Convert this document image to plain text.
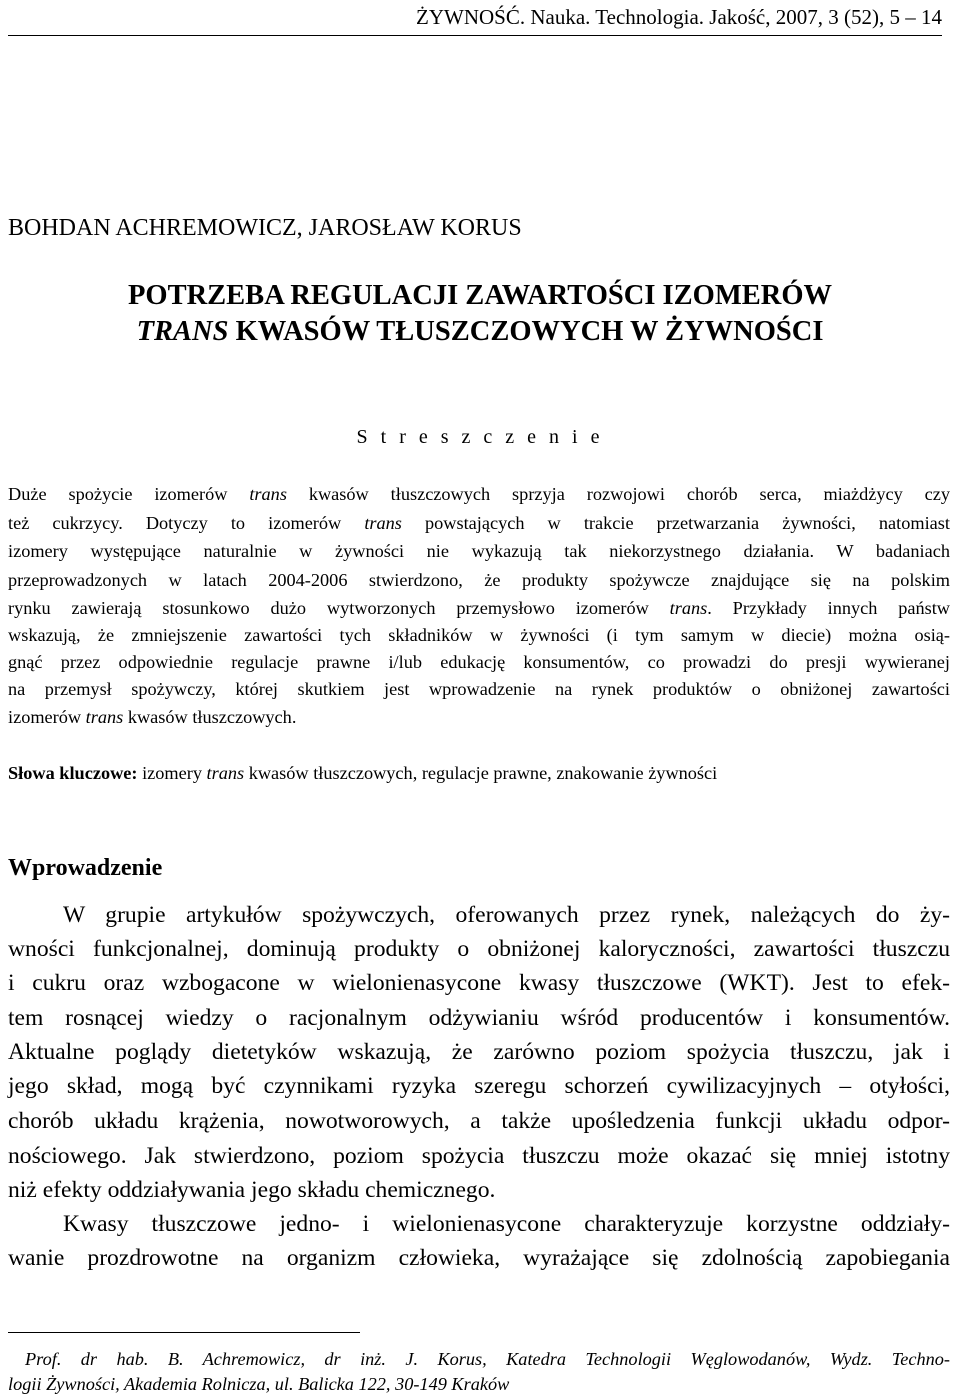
ŻYWNOŚĆ. Nauka. Technologia. Jakość, 2007, 3 (52), 5 – 14
BOHDAN ACHREMOWICZ, JAROSŁAW KORUS
POTRZEBA REGULACJI ZAWARTOŚCI IZOMERÓW
TRANS KWASÓW TŁUSZCZOWYCH W ŻYWNOŚCI
S t r e s z c z e n i e
Duże spożycie izomerów trans kwasów tłuszczowych sprzyja rozwojowi chorób serca, miażdżycy czy
też cukrzycy. Dotyczy to izomerów trans powstających w trakcie przetwarzania żywności, natomiast
izomery występujące naturalnie w żywności nie wykazują tak niekorzystnego działania. W badaniach
przeprowadzonych w latach 2004-2006 stwierdzono, że produkty spożywcze znajdujące się na polskim
rynku zawierają stosunkowo dużo wytworzonych przemysłowo izomerów trans. Przykłady innych państw
wskazują, że zmniejszenie zawartości tych składników w żywności (i tym samym w diecie) można osią-
gnąć przez odpowiednie regulacje prawne i/lub edukację konsumentów, co prowadzi do presji wywieranej
na przemysł spożywczy, której skutkiem jest wprowadzenie na rynek produktów o obniżonej zawartości
izomerów trans kwasów tłuszczowych.
Słowa kluczowe: izomery trans kwasów tłuszczowych, regulacje prawne, znakowanie żywności
Wprowadzenie
W grupie artykułów spożywczych, oferowanych przez rynek, należących do ży-
wności funkcjonalnej, dominują produkty o obniżonej kaloryczności, zawartości tłuszczu
i cukru oraz wzbogacone w wielonienasycone kwasy tłuszczowe (WKT). Jest to efek-
tem rosnącej wiedzy o racjonalnym odżywianiu wśród producentów i konsumentów.
Aktualne poglądy dietetyków wskazują, że zarówno poziom spożycia tłuszczu, jak i
jego skład, mogą być czynnikami ryzyka szeregu schorzeń cywilizacyjnych – otyłości,
chorób układu krążenia, nowotworowych, a także upośledzenia funkcji układu odpor-
nościowego. Jak stwierdzono, poziom spożycia tłuszczu może okazać się mniej istotny
niż efekty oddziaływania jego składu chemicznego.
Kwasy tłuszczowe jedno- i wielonienasycone charakteryzuje korzystne oddziały-
wanie prozdrowotne na organizm człowieka, wyrażające się zdolnością zapobiegania
Prof. dr hab. B. Achremowicz, dr inż. J. Korus, Katedra Technologii Węglowodanów, Wydz. Techno-
logii Żywności, Akademia Rolnicza, ul. Balicka 122, 30-149 Kraków
